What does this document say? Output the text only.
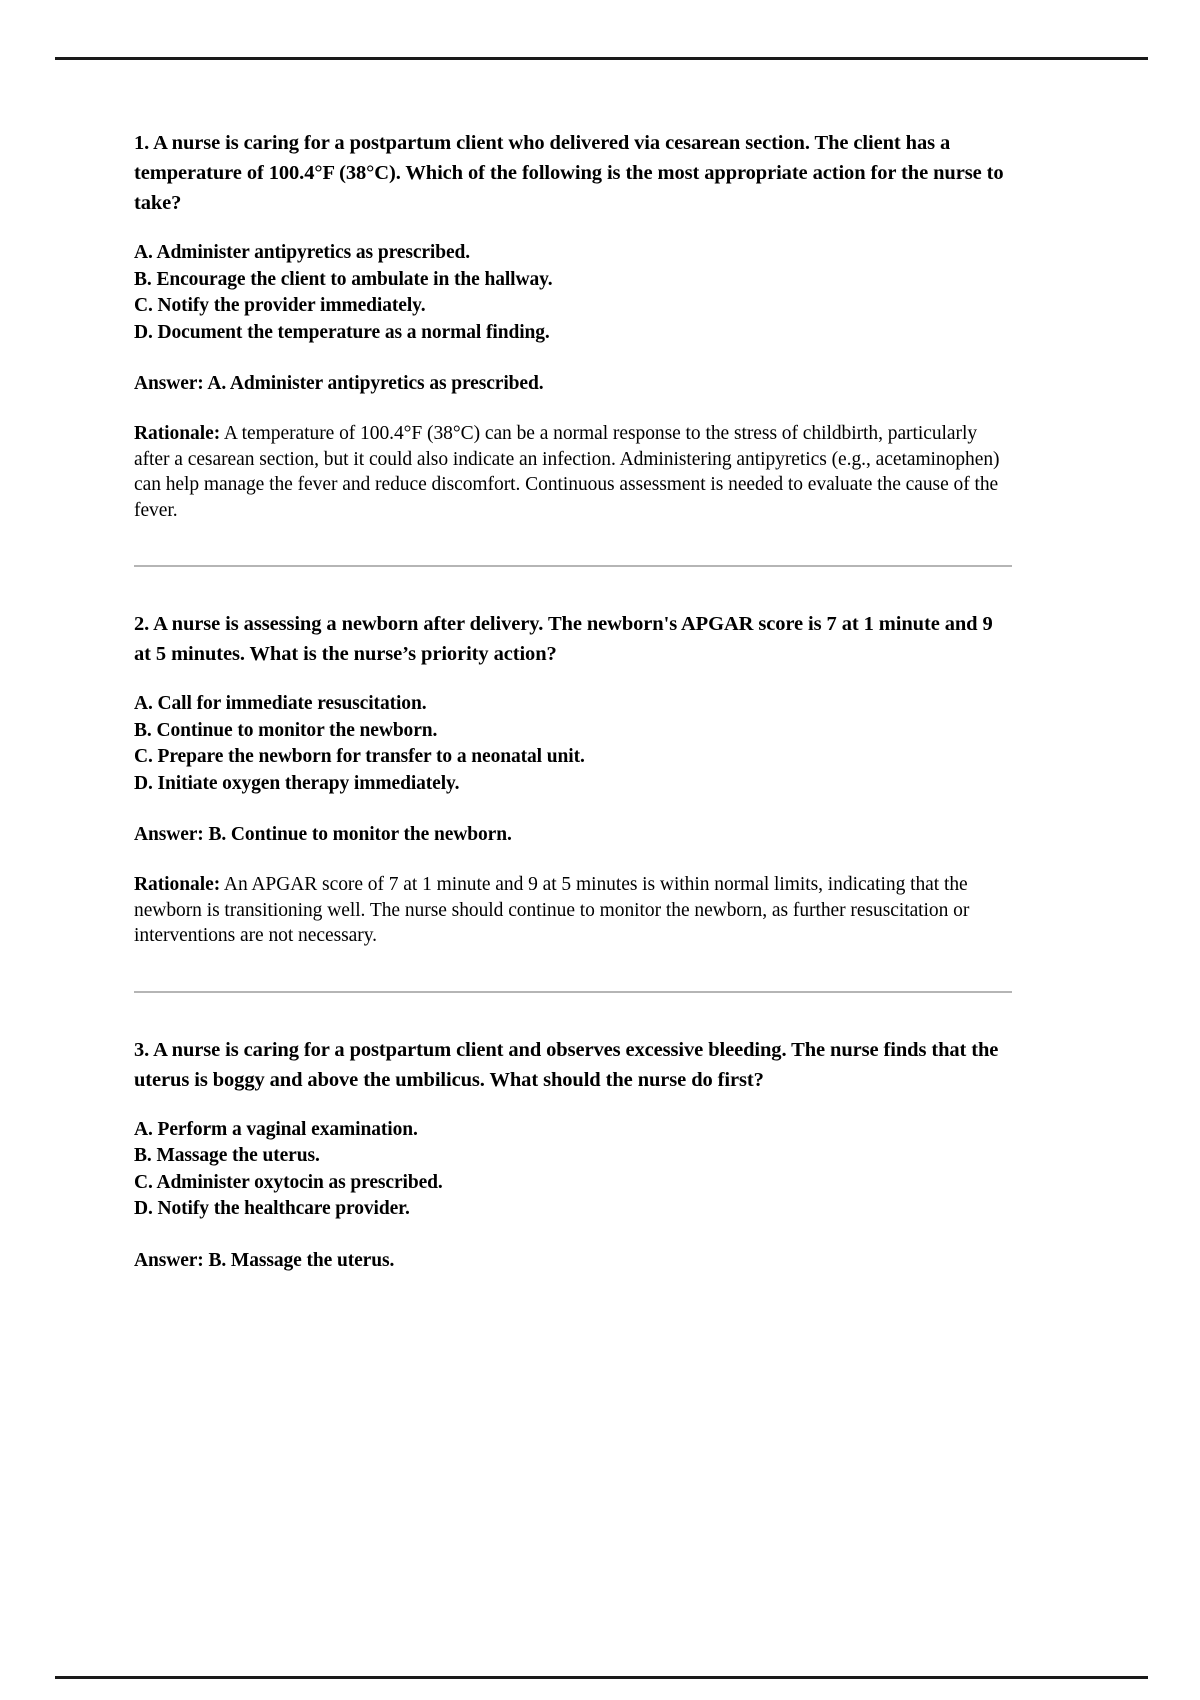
1. A nurse is caring for a postpartum client who delivered via cesarean section. The client has a temperature of 100.4°F (38°C). Which of the following is the most appropriate action for the nurse to take?

A. Administer antipyretics as prescribed.
B. Encourage the client to ambulate in the hallway.
C. Notify the provider immediately.
D. Document the temperature as a normal finding.

Answer: A. Administer antipyretics as prescribed.

Rationale: A temperature of 100.4°F (38°C) can be a normal response to the stress of childbirth, particularly after a cesarean section, but it could also indicate an infection. Administering antipyretics (e.g., acetaminophen) can help manage the fever and reduce discomfort. Continuous assessment is needed to evaluate the cause of the fever.

2. A nurse is assessing a newborn after delivery. The newborn's APGAR score is 7 at 1 minute and 9 at 5 minutes. What is the nurse’s priority action?

A. Call for immediate resuscitation.
B. Continue to monitor the newborn.
C. Prepare the newborn for transfer to a neonatal unit.
D. Initiate oxygen therapy immediately.

Answer: B. Continue to monitor the newborn.

Rationale: An APGAR score of 7 at 1 minute and 9 at 5 minutes is within normal limits, indicating that the newborn is transitioning well. The nurse should continue to monitor the newborn, as further resuscitation or interventions are not necessary.

3. A nurse is caring for a postpartum client and observes excessive bleeding. The nurse finds that the uterus is boggy and above the umbilicus. What should the nurse do first?

A. Perform a vaginal examination.
B. Massage the uterus.
C. Administer oxytocin as prescribed.
D. Notify the healthcare provider.

Answer: B. Massage the uterus.
